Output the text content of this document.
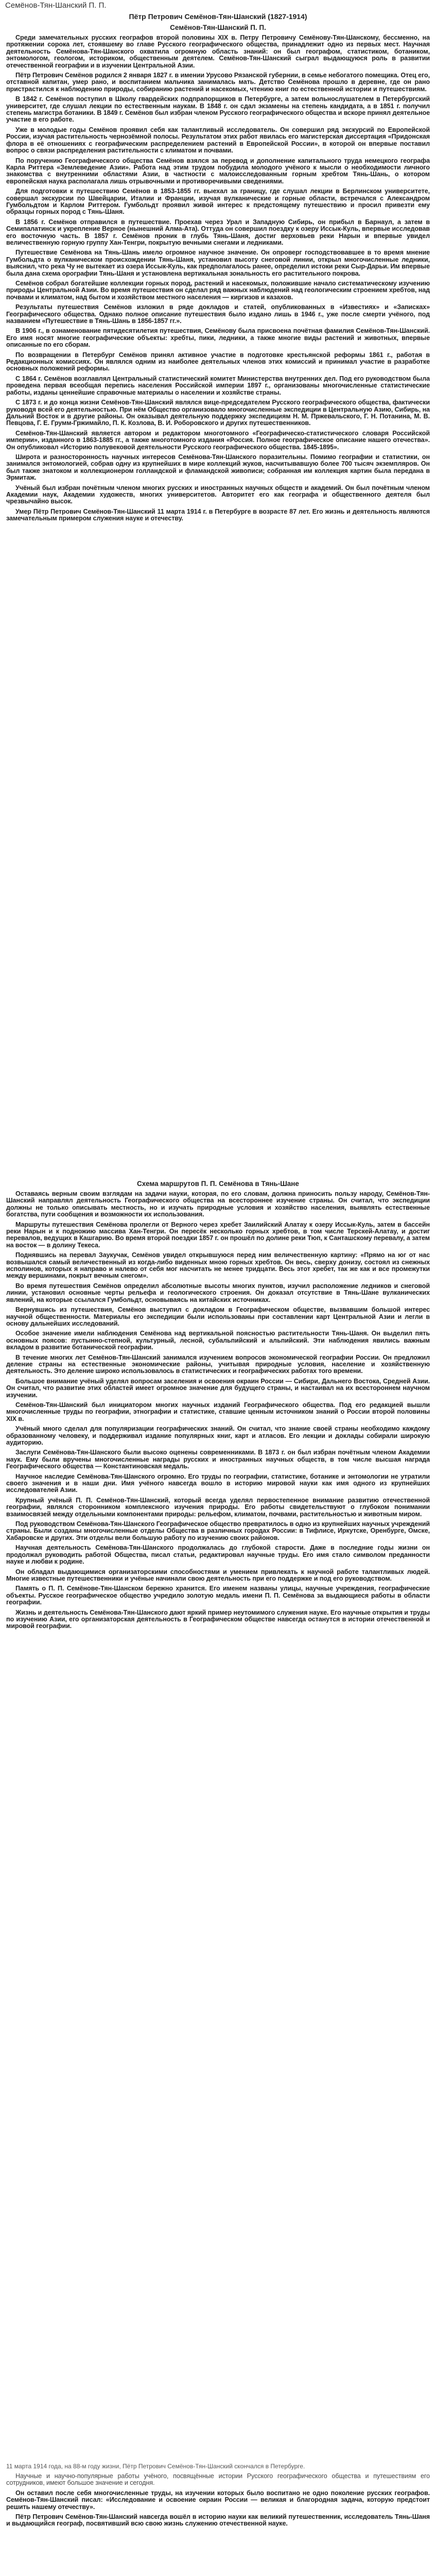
Семёнов-Тян-Шанский П. П.
Пётр Петрович Семёнов-Тян-Шанский (1827-1914)
Семёнов-Тян-Шанский П. П.

Среди замечательных русских географов второй половины XIX в. Петру Петровичу Семёнову-Тян-Шанскому, бессменно, на протяжении сорока лет, стоявшему во главе Русского географического общества, принадлежит одно из первых мест. Научная деятельность Семёнова-Тян-Шанского охватила огромную область знаний: он был географом, статистиком, ботаником, энтомологом, геологом, историком, общественным деятелем. Семёнов-Тян-Шанский сыграл выдающуюся роль в развитии отечественной географии и в изучении Центральной Азии.

Пётр Петрович Семёнов родился 2 января 1827 г. в имении Урусово Рязанской губернии, в семье небогатого помещика. Отец его, отставной капитан, умер рано, и воспитанием мальчика занималась мать. Детство Семёнова прошло в деревне, где он рано пристрастился к наблюдению природы, собиранию растений и насекомых, чтению книг по естественной истории и путешествиям.

В 1842 г. Семёнов поступил в Школу гвардейских подпрапорщиков в Петербурге, а затем вольнослушателем в Петербургский университет, где слушал лекции по естественным наукам. В 1848 г. он сдал экзамены на степень кандидата, а в 1851 г. получил степень магистра ботаники. В 1849 г. Семёнов был избран членом Русского географического общества и вскоре принял деятельное участие в его работе.

Уже в молодые годы Семёнов проявил себя как талантливый исследователь. Он совершил ряд экскурсий по Европейской России, изучая растительность чернозёмной полосы. Результатом этих работ явилась его магистерская диссертация «Придонская флора в её отношениях с географическим распределением растений в Европейской России», в которой он впервые поставил вопрос о связи распределения растительности с климатом и почвами.

По поручению Географического общества Семёнов взялся за перевод и дополнение капитального труда немецкого географа Карла Риттера «Землеведение Азии». Работа над этим трудом побудила молодого учёного к мысли о необходимости личного знакомства с внутренними областями Азии, в частности с малоисследованным горным хребтом Тянь-Шань, о котором европейская наука располагала лишь отрывочными и противоречивыми сведениями.

Для подготовки к путешествию Семёнов в 1853-1855 гг. выехал за границу, где слушал лекции в Берлинском университете, совершал экскурсии по Швейцарии, Италии и Франции, изучая вулканические и горные области, встречался с Александром Гумбольдтом и Карлом Риттером. Гумбольдт проявил живой интерес к предстоящему путешествию и просил привезти ему образцы горных пород с Тянь-Шаня.

В 1856 г. Семёнов отправился в путешествие. Проехав через Урал и Западную Сибирь, он прибыл в Барнаул, а затем в Семипалатинск и укрепление Верное (нынешний Алма-Ата). Оттуда он совершил поездку к озеру Иссык-Куль, впервые исследовав его восточную часть. В 1857 г. Семёнов проник в глубь Тянь-Шаня, достиг верховьев реки Нарын и впервые увидел величественную горную группу Хан-Тенгри, покрытую вечными снегами и ледниками.

Путешествие Семёнова на Тянь-Шань имело огромное научное значение. Он опроверг господствовавшее в то время мнение Гумбольдта о вулканическом происхождении Тянь-Шаня, установил высоту снеговой линии, открыл многочисленные ледники, выяснил, что река Чу не вытекает из озера Иссык-Куль, как предполагалось ранее, определил истоки реки Сыр-Дарьи. Им впервые была дана схема орографии Тянь-Шаня и установлена вертикальная зональность его растительного покрова.

Семёнов собрал богатейшие коллекции горных пород, растений и насекомых, положившие начало систематическому изучению природы Центральной Азии. Во время путешествия он сделал ряд важных наблюдений над геологическим строением хребтов, над почвами и климатом, над бытом и хозяйством местного населения — киргизов и казахов.

Результаты путешествия Семёнов изложил в ряде докладов и статей, опубликованных в «Известиях» и «Записках» Географического общества. Однако полное описание путешествия было издано лишь в 1946 г., уже после смерти учёного, под названием «Путешествие в Тянь-Шань в 1856-1857 гг.».

В 1906 г., в ознаменование пятидесятилетия путешествия, Семёнову была присвоена почётная фамилия Семёнов-Тян-Шанский. Его имя носят многие географические объекты: хребты, пики, ледники, а также многие виды растений и животных, впервые описанные по его сборам.

По возвращении в Петербург Семёнов принял активное участие в подготовке крестьянской реформы 1861 г., работая в Редакционных комиссиях. Он являлся одним из наиболее деятельных членов этих комиссий и принимал участие в разработке основных положений реформы.

С 1864 г. Семёнов возглавлял Центральный статистический комитет Министерства внутренних дел. Под его руководством была проведена первая всеобщая перепись населения Российской империи 1897 г., организованы многочисленные статистические работы, изданы ценнейшие справочные материалы о населении и хозяйстве страны.

С 1873 г. и до конца жизни Семёнов-Тян-Шанский являлся вице-председателем Русского географического общества, фактически руководя всей его деятельностью. При нём Общество организовало многочисленные экспедиции в Центральную Азию, Сибирь, на Дальний Восток и в другие районы. Он оказывал деятельную поддержку экспедициям Н. М. Пржевальского, Г. Н. Потанина, М. В. Певцова, Г. Е. Грумм-Гржимайло, П. К. Козлова, В. И. Роборовского и других путешественников.

Семёнов-Тян-Шанский является автором и редактором многотомного «Географическо-статистического словаря Российской империи», изданного в 1863-1885 гг., а также многотомного издания «Россия. Полное географическое описание нашего отечества». Он опубликовал «Историю полувековой деятельности Русского географического общества. 1845-1895».

Широта и разносторонность научных интересов Семёнова-Тян-Шанского поразительны. Помимо географии и статистики, он занимался энтомологией, собрав одну из крупнейших в мире коллекций жуков, насчитывавшую более 700 тысяч экземпляров. Он был также знатоком и коллекционером голландской и фламандской живописи; собранная им коллекция картин была передана в Эрмитаж.

Учёный был избран почётным членом многих русских и иностранных научных обществ и академий. Он был почётным членом Академии наук, Академии художеств, многих университетов. Авторитет его как географа и общественного деятеля был чрезвычайно высок.

Умер Пётр Петрович Семёнов-Тян-Шанский 11 марта 1914 г. в Петербурге в возрасте 87 лет. Его жизнь и деятельность являются замечательным примером служения науке и отечеству.

Схема маршрутов П. П. Семёнова в Тянь-Шане

Оставаясь верным своим взглядам на задачи науки, которая, по его словам, должна приносить пользу народу, Семёнов-Тян-Шанский направлял деятельность Географического общества на всестороннее изучение страны. Он считал, что экспедиции должны не только описывать местность, но и изучать природные условия и хозяйство населения, выявлять естественные богатства, пути сообщения и возможности их использования.

Маршруты путешествия Семёнова пролегли от Верного через хребет Заилийский Алатау к озеру Иссык-Куль, затем в бассейн реки Нарын и к подножию массива Хан-Тенгри. Он пересёк несколько горных хребтов, в том числе Терскей-Алатау, и достиг перевалов, ведущих в Кашгарию. Во время второй поездки 1857 г. он прошёл по долине реки Тюп, к Санташскому перевалу, а затем на восток — в долину Текеса.

Поднявшись на перевал Заукучак, Семёнов увидел открывшуюся перед ним величественную картину: «Прямо на юг от нас возвышался самый величественный из когда-либо виденных мною горных хребтов. Он весь, сверху донизу, состоял из снежных исполинов, которых я направо и налево от себя мог насчитать не менее тридцати. Весь этот хребет, так же как и все промежутки между вершинами, покрыт вечным снегом».

Во время путешествия Семёнов определил абсолютные высоты многих пунктов, изучил расположение ледников и снеговой линии, установил основные черты рельефа и геологического строения. Он доказал отсутствие в Тянь-Шане вулканических явлений, на которые ссылался Гумбольдт, основываясь на китайских источниках.

Вернувшись из путешествия, Семёнов выступил с докладом в Географическом обществе, вызвавшим большой интерес научной общественности. Материалы его экспедиции были использованы при составлении карт Центральной Азии и легли в основу дальнейших исследований.

Особое значение имели наблюдения Семёнова над вертикальной поясностью растительности Тянь-Шаня. Он выделил пять основных поясов: пустынно-степной, культурный, лесной, субальпийский и альпийский. Эти наблюдения явились важным вкладом в развитие ботанической географии.

В течение многих лет Семёнов-Тян-Шанский занимался изучением вопросов экономической географии России. Он предложил деление страны на естественные экономические районы, учитывая природные условия, население и хозяйственную деятельность. Это деление широко использовалось в статистических и географических работах того времени.

Большое внимание учёный уделял вопросам заселения и освоения окраин России — Сибири, Дальнего Востока, Средней Азии. Он считал, что развитие этих областей имеет огромное значение для будущего страны, и настаивал на их всестороннем научном изучении.

Семёнов-Тян-Шанский был инициатором многих научных изданий Географического общества. Под его редакцией вышли многочисленные труды по географии, этнографии и статистике, ставшие ценным источником знаний о России второй половины XIX в.

Учёный много сделал для популяризации географических знаний. Он считал, что знание своей страны необходимо каждому образованному человеку, и поддерживал издание популярных книг, карт и атласов. Его лекции и доклады собирали широкую аудиторию.

Заслуги Семёнова-Тян-Шанского были высоко оценены современниками. В 1873 г. он был избран почётным членом Академии наук. Ему были вручены многочисленные награды русских и иностранных научных обществ, в том числе высшая награда Географического общества — Константиновская медаль.

Научное наследие Семёнова-Тян-Шанского огромно. Его труды по географии, статистике, ботанике и энтомологии не утратили своего значения и в наши дни. Имя учёного навсегда вошло в историю мировой науки как имя одного из крупнейших исследователей Азии.

Крупный учёный П. П. Семёнов-Тян-Шанский, который всегда уделял первостепенное внимание развитию отечественной географии, являлся сторонником комплексного изучения природы. Его работы свидетельствуют о глубоком понимании взаимосвязей между отдельными компонентами природы: рельефом, климатом, почвами, растительностью и животным миром.

Под руководством Семёнова-Тян-Шанского Географическое общество превратилось в одно из крупнейших научных учреждений страны. Были созданы многочисленные отделы Общества в различных городах России: в Тифлисе, Иркутске, Оренбурге, Омске, Хабаровске и других. Эти отделы вели большую работу по изучению своих районов.

Научная деятельность Семёнова-Тян-Шанского продолжалась до глубокой старости. Даже в последние годы жизни он продолжал руководить работой Общества, писал статьи, редактировал научные труды. Его имя стало символом преданности науке и любви к родине.

Он обладал выдающимися организаторскими способностями и умением привлекать к научной работе талантливых людей. Многие известные путешественники и учёные начинали свою деятельность при его поддержке и под его руководством.

Память о П. П. Семёнове-Тян-Шанском бережно хранится. Его именем названы улицы, научные учреждения, географические объекты. Русское географическое общество учредило золотую медаль имени П. П. Семёнова за выдающиеся работы в области географии.

Жизнь и деятельность Семёнова-Тян-Шанского дают яркий пример неутомимого служения науке. Его научные открытия и труды по изучению Азии, его организаторская деятельность в Географическом обществе навсегда останутся в истории отечественной и мировой географии.

11 марта 1914 года, на 88-м году жизни, Пётр Петрович Семёнов-Тян-Шанский скончался в Петербурге.

Научные и научно-популярные работы учёного, посвящённые истории Русского географического общества и путешествиям его сотрудников, имеют большое значение и сегодня.

Он оставил после себя многочисленные труды, на изучении которых было воспитано не одно поколение русских географов. Семёнов-Тян-Шанский писал: «Исследование и освоение окраин России — великая и благородная задача, которую предстоит решить нашему отечеству».

Пётр Петрович Семёнов-Тян-Шанский навсегда вошёл в историю науки как великий путешественник, исследователь Тянь-Шаня и выдающийся географ, посвятивший всю свою жизнь служению отечественной науке.
